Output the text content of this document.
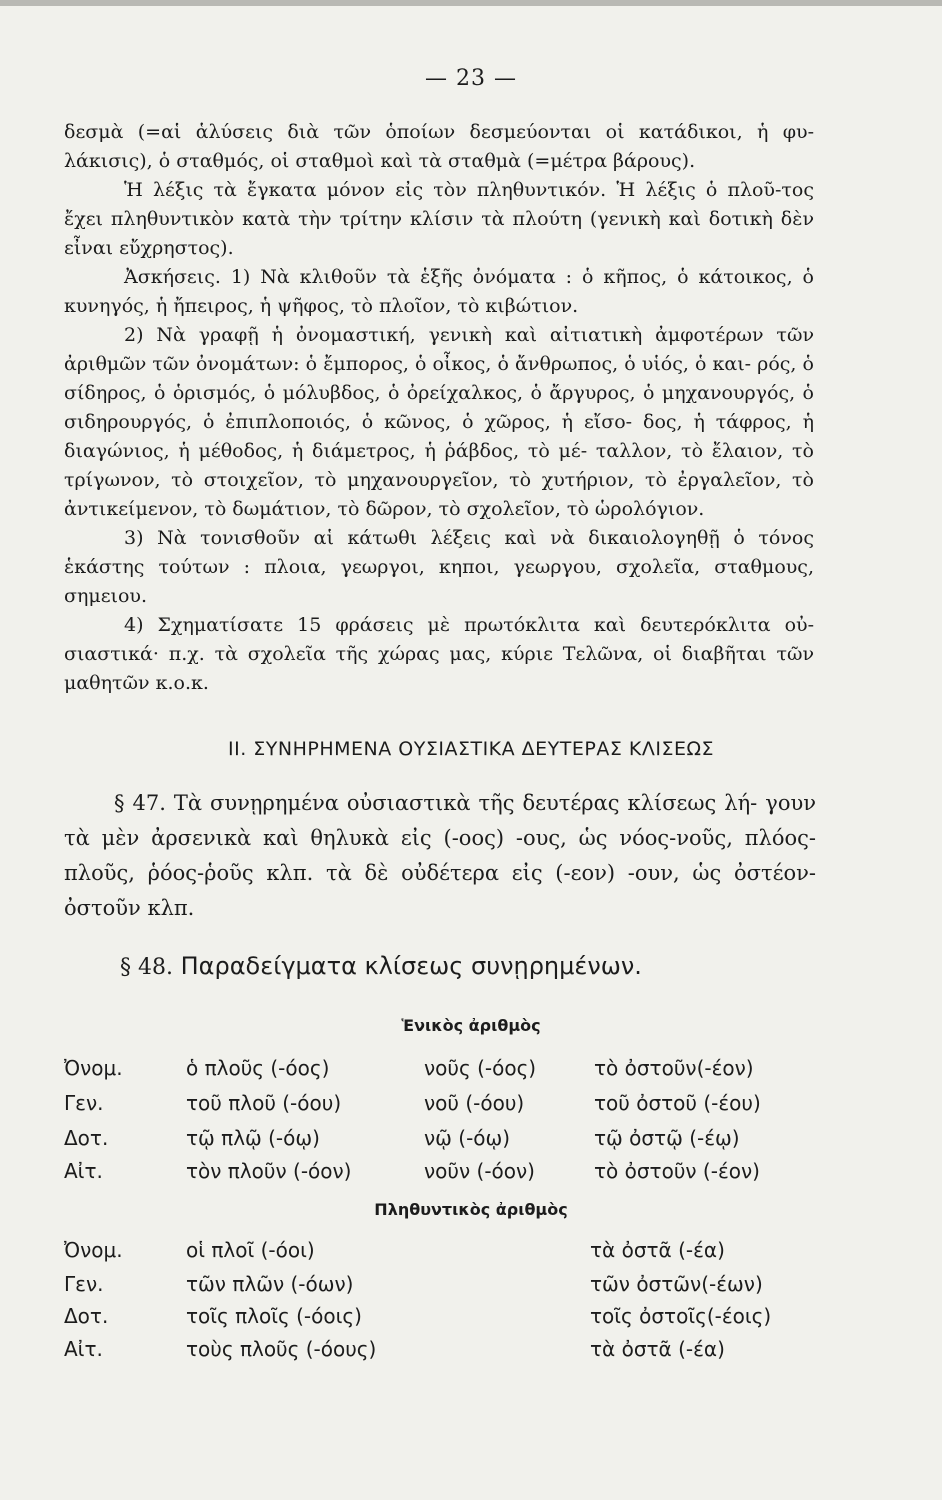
— 23 —

δεσμὰ (=αἱ ἁλύσεις διὰ τῶν ὁποίων δεσμεύονται οἱ κατάδικοι, ἡ φυ- λάκισις), ὁ σταθμός, οἱ σταθμοὶ καὶ τὰ σταθμὰ (=μέτρα βάρους).

Ἡ λέξις τὰ ἔγκατα μόνον εἰς τὸν πληθυντικόν. Ἡ λέξις ὁ πλοῦ-τος ἔχει πληθυντικὸν κατὰ τὴν τρίτην κλίσιν τὰ πλούτη (γενικὴ καὶ δοτικὴ δὲν εἶναι εὔχρηστος).

Ἀσκήσεις. 1) Νὰ κλιθοῦν τὰ ἑξῆς ὀνόματα : ὁ κῆπος, ὁ κάτοικος, ὁ κυνηγός, ἡ ἤπειρος, ἡ ψῆφος, τὸ πλοῖον, τὸ κιβώτιον.

2) Νὰ γραφῇ ἡ ὀνομαστική, γενικὴ καὶ αἰτιατικὴ ἀμφοτέρων τῶν ἀριθμῶν τῶν ὀνομάτων: ὁ ἔμπορος, ὁ οἶκος, ὁ ἄνθρωπος, ὁ υἱός, ὁ και- ρός, ὁ σίδηρος, ὁ ὁρισμός, ὁ μόλυβδος, ὁ ὀρείχαλκος, ὁ ἄργυρος, ὁ μηχανουργός, ὁ σιδηρουργός, ὁ ἐπιπλοποιός, ὁ κῶνος, ὁ χῶρος, ἡ εἴσο- δος, ἡ τάφρος, ἡ διαγώνιος, ἡ μέθοδος, ἡ διάμετρος, ἡ ῥάβδος, τὸ μέ- ταλλον, τὸ ἔλαιον, τὸ τρίγωνον, τὸ στοιχεῖον, τὸ μηχανουργεῖον, τὸ χυτήριον, τὸ ἐργαλεῖον, τὸ ἀντικείμενον, τὸ δωμάτιον, τὸ δῶρον, τὸ σχολεῖον, τὸ ὡρολόγιον.

3) Νὰ τονισθοῦν αἱ κάτωθι λέξεις καὶ νὰ δικαιολογηθῇ ὁ τόνος ἑκάστης τούτων : πλοια, γεωργοι, κηποι, γεωργου, σχολεῖα, σταθμους, σημειου.

4) Σχηματίσατε 15 φράσεις μὲ πρωτόκλιτα καὶ δευτερόκλιτα οὐ- σιαστικά· π.χ. τὰ σχολεῖα τῆς χώρας μας, κύριε Τελῶνα, οἱ διαβῆται τῶν μαθητῶν κ.ο.κ.

ΙΙ. ΣΥΝΗΡΗΜΕΝΑ ΟΥΣΙΑΣΤΙΚΑ ΔΕΥΤΕΡΑΣ ΚΛΙΣΕΩΣ

§ 47. Τὰ συνῃρημένα οὐσιαστικὰ τῆς δευτέρας κλίσεως λή- γουν τὰ μὲν ἀρσενικὰ καὶ θηλυκὰ εἰς (-οος) -ους, ὡς νόος-νοῦς, πλόος-πλοῦς, ῥόος-ῥοῦς κλπ. τὰ δὲ οὐδέτερα εἰς (-εον) -ουν, ὡς ὀστέον-ὀστοῦν κλπ.

§ 48. Παραδείγματα κλίσεως συνῃρημένων.
Ἑνικὸς ἀριθμὸς
Ὀνομ.	ὁ πλοῦς (-όος)	νοῦς (-όος)	τὸ ὀστοῦν(-έον)
Γεν.	τοῦ πλοῦ (-όου)	νοῦ (-όου)	τοῦ ὀστοῦ (-έου)
Δοτ.	τῷ πλῷ (-όῳ)	νῷ (-όῳ)	τῷ ὀστῷ (-έῳ)
Αἰτ.	τὸν πλοῦν (-όον)	νοῦν (-όον)	τὸ ὀστοῦν (-έον)
Πληθυντικὸς ἀριθμὸς
Ὀνομ.	οἱ πλοῖ (-όοι)	τὰ ὀστᾶ (-έα)
Γεν.	τῶν πλῶν (-όων)	τῶν ὀστῶν(-έων)
Δοτ.	τοῖς πλοῖς (-όοις)	τοῖς ὀστοῖς(-έοις)
Αἰτ.	τοὺς πλοῦς (-όους)	τὰ ὀστᾶ (-έα)
